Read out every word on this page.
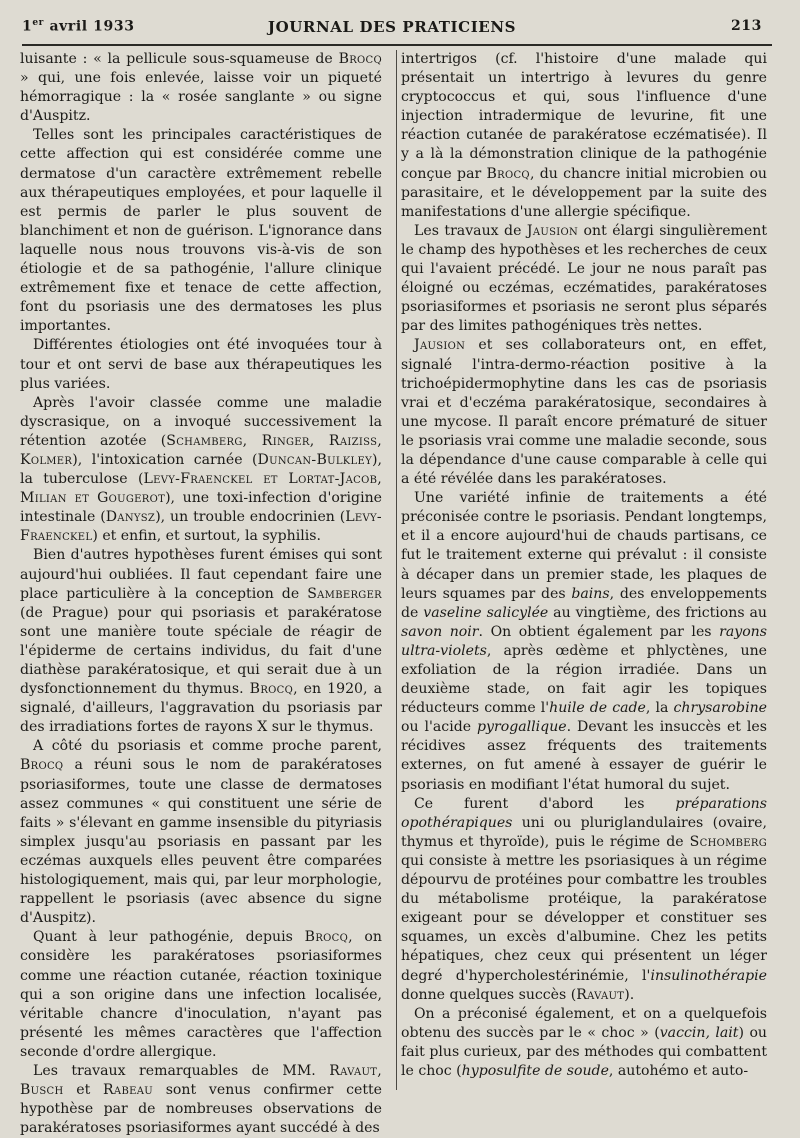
1er avril 1933	JOURNAL DES PRATICIENS	213

luisante : « la pellicule sous-squameuse de Brocq » qui, une fois enlevée, laisse voir un piqueté hémorragique : la « rosée sanglante » ou signe d'Auspitz.

Telles sont les principales caractéristiques de cette affection qui est considérée comme une dermatose d'un caractère extrêmement rebelle aux thérapeutiques employées, et pour laquelle il est permis de parler le plus souvent de blanchiment et non de guérison. L'ignorance dans laquelle nous nous trouvons vis-à-vis de son étiologie et de sa pathogénie, l'allure clinique extrêmement fixe et tenace de cette affection, font du psoriasis une des dermatoses les plus importantes.

Différentes étiologies ont été invoquées tour à tour et ont servi de base aux thérapeutiques les plus variées.

Après l'avoir classée comme une maladie dyscrasique, on a invoqué successivement la rétention azotée (Schamberg, Ringer, Raiziss, Kolmer), l'intoxication carnée (Duncan-Bulkley), la tuberculose (Levy-Fraenckel et Lortat-Jacob, Milian et Gougerot), une toxi-infection d'origine intestinale (Danysz), un trouble endocrinien (Levy-Fraenckel) et enfin, et surtout, la syphilis.

Bien d'autres hypothèses furent émises qui sont aujourd'hui oubliées. Il faut cependant faire une place particulière à la conception de Samberger (de Prague) pour qui psoriasis et parakératose sont une manière toute spéciale de réagir de l'épiderme de certains individus, du fait d'une diathèse parakératosique, et qui serait due à un dysfonctionnement du thymus. Brocq, en 1920, a signalé, d'ailleurs, l'aggravation du psoriasis par des irradiations fortes de rayons X sur le thymus.

A côté du psoriasis et comme proche parent, Brocq a réuni sous le nom de parakératoses psoriasiformes, toute une classe de dermatoses assez communes « qui constituent une série de faits » s'élevant en gamme insensible du pityriasis simplex jusqu'au psoriasis en passant par les eczémas auxquels elles peuvent être comparées histologiquement, mais qui, par leur morphologie, rappellent le psoriasis (avec absence du signe d'Auspitz).

Quant à leur pathogénie, depuis Brocq, on considère les parakératoses psoriasiformes comme une réaction cutanée, réaction toxinique qui a son origine dans une infection localisée, véritable chancre d'inoculation, n'ayant pas présenté les mêmes caractères que l'affection seconde d'ordre allergique.

Les travaux remarquables de MM. Ravaut, Busch et Rabeau sont venus confirmer cette hypothèse par de nombreuses observations de parakératoses psoriasiformes ayant succédé à des

intertrigos (cf. l'histoire d'une malade qui présentait un intertrigo à levures du genre cryptococcus et qui, sous l'influence d'une injection intradermique de levurine, fit une réaction cutanée de parakératose eczématisée). Il y a là la démonstration clinique de la pathogénie conçue par Brocq, du chancre initial microbien ou parasitaire, et le développement par la suite des manifestations d'une allergie spécifique.

Les travaux de Jausion ont élargi singulièrement le champ des hypothèses et les recherches de ceux qui l'avaient précédé. Le jour ne nous paraît pas éloigné ou eczémas, eczématides, parakératoses psoriasiformes et psoriasis ne seront plus séparés par des limites pathogéniques très nettes.

Jausion et ses collaborateurs ont, en effet, signalé l'intra-dermo-réaction positive à la trichoépidermophytine dans les cas de psoriasis vrai et d'eczéma parakératosique, secondaires à une mycose. Il paraît encore prématuré de situer le psoriasis vrai comme une maladie seconde, sous la dépendance d'une cause comparable à celle qui a été révélée dans les parakératoses.

Une variété infinie de traitements a été préconisée contre le psoriasis. Pendant longtemps, et il a encore aujourd'hui de chauds partisans, ce fut le traitement externe qui prévalut : il consiste à décaper dans un premier stade, les plaques de leurs squames par des bains, des enveloppements de vaseline salicylée au vingtième, des frictions au savon noir. On obtient également par les rayons ultra-violets, après œdème et phlyctènes, une exfoliation de la région irradiée. Dans un deuxième stade, on fait agir les topiques réducteurs comme l'huile de cade, la chrysarobine ou l'acide pyrogallique. Devant les insuccès et les récidives assez fréquents des traitements externes, on fut amené à essayer de guérir le psoriasis en modifiant l'état humoral du sujet.

Ce furent d'abord les préparations opothérapiques uni ou pluriglandulaires (ovaire, thymus et thyroïde), puis le régime de Schomberg qui consiste à mettre les psoriasiques à un régime dépourvu de protéines pour combattre les troubles du métabolisme protéique, la parakératose exigeant pour se développer et constituer ses squames, un excès d'albumine. Chez les petits hépatiques, chez ceux qui présentent un léger degré d'hypercholestérinémie, l'insulinothérapie donne quelques succès (Ravaut).

On a préconisé également, et on a quelquefois obtenu des succès par le « choc » (vaccin, lait) ou fait plus curieux, par des méthodes qui combattent le choc (hyposulfite de soude, autohémo et auto-
